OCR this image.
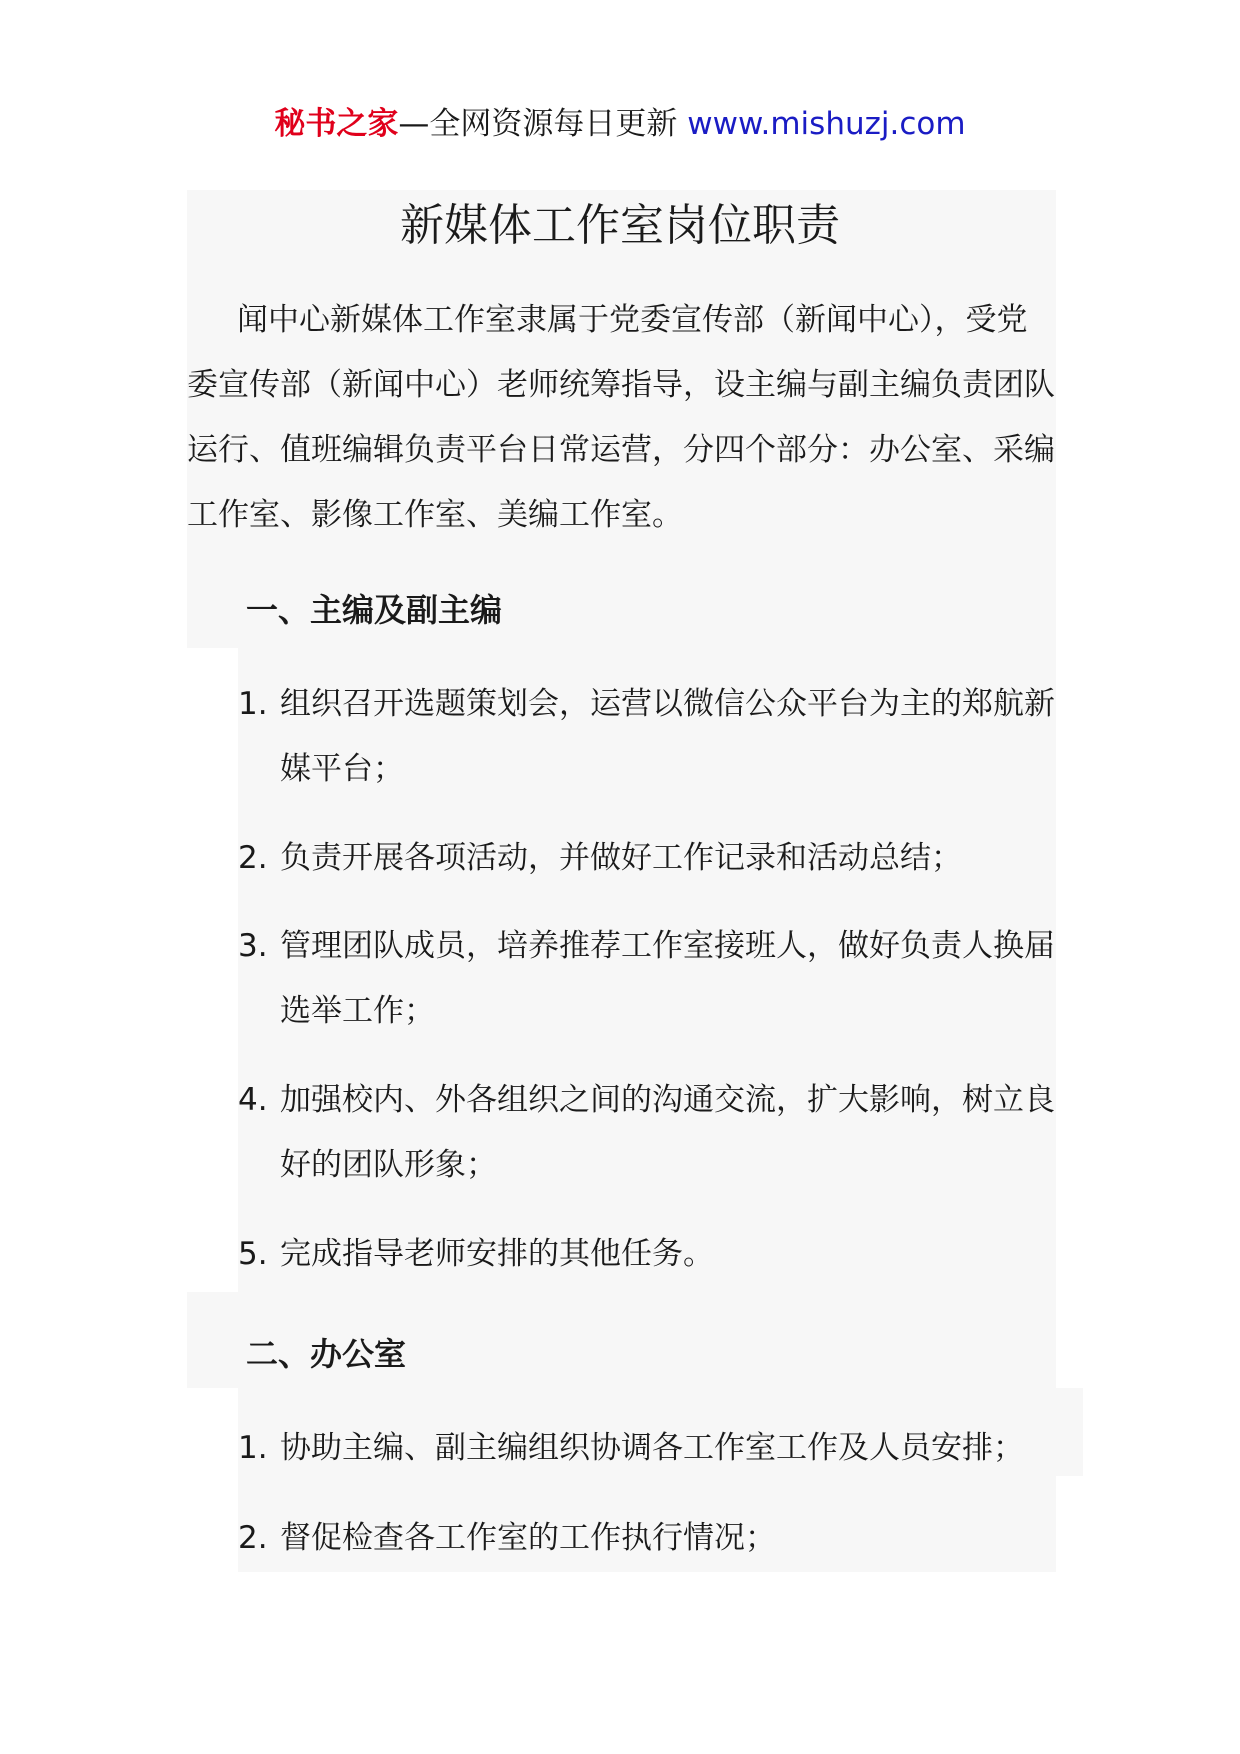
秘书之家—全网资源每日更新 www.mishuzj.com
新媒体工作室岗位职责

闻中心新媒体工作室隶属于党委宣传部（新闻中心），受党委宣传部（新闻中心）老师统筹指导，设主编与副主编负责团队运行、值班编辑负责平台日常运营，分四个部分：办公室、采编工作室、影像工作室、美编工作室。

一、主编及副主编
1. 组织召开选题策划会，运营以微信公众平台为主的郑航新媒平台；
2. 负责开展各项活动，并做好工作记录和活动总结；
3. 管理团队成员，培养推荐工作室接班人，做好负责人换届选举工作；
4. 加强校内、外各组织之间的沟通交流，扩大影响，树立良好的团队形象；
5. 完成指导老师安排的其他任务。
二、办公室
1. 协助主编、副主编组织协调各工作室工作及人员安排；
2. 督促检查各工作室的工作执行情况；
